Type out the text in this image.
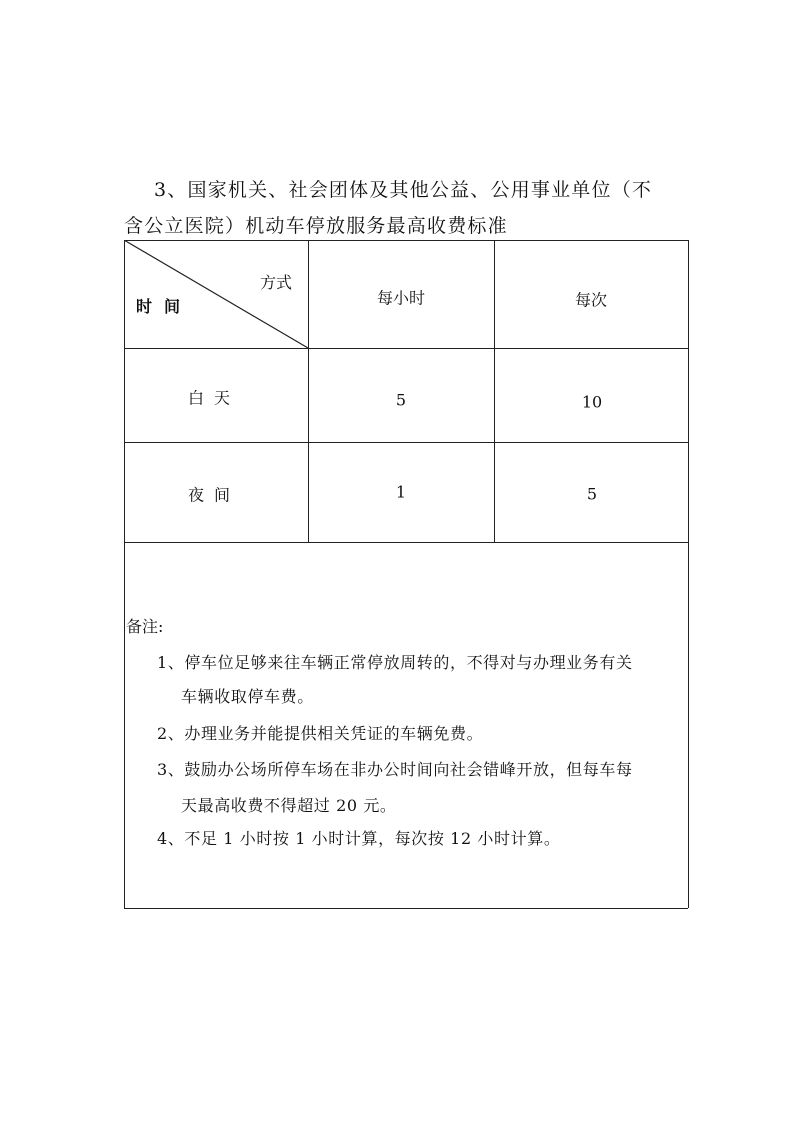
3、国家机关、社会团体及其他公益、公用事业单位（不
含公立医院）机动车停放服务最高收费标准
方式
时间	每小时	每次
白天	5	10
夜间	1	5
备注:
1、停车位足够来往车辆正常停放周转的，不得对与办理业务有关
车辆收取停车费。
2、办理业务并能提供相关凭证的车辆免费。
3、鼓励办公场所停车场在非办公时间向社会错峰开放，但每车每
天最高收费不得超过 20 元。
4、不足 1 小时按 1 小时计算，每次按 12 小时计算。
